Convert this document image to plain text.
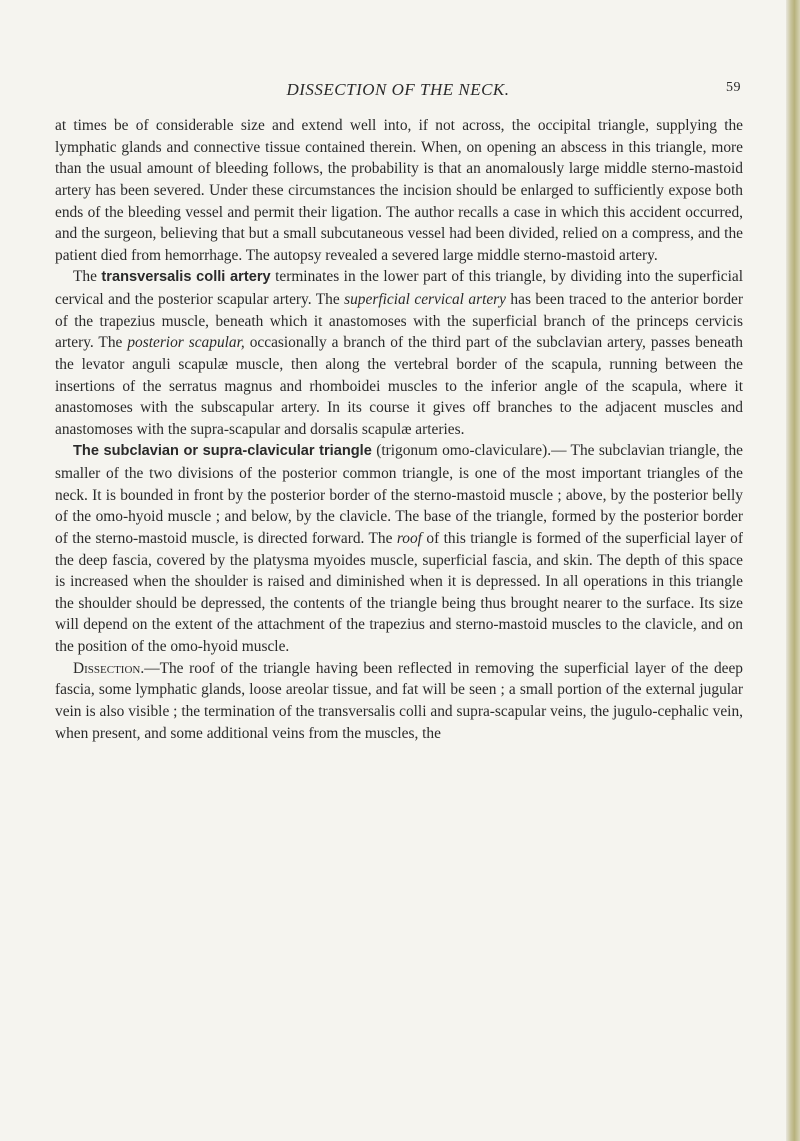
DISSECTION OF THE NECK.	59

at times be of considerable size and extend well into, if not across, the occipital triangle, supplying the lymphatic glands and connective tissue contained therein. When, on opening an abscess in this triangle, more than the usual amount of bleeding follows, the probability is that an anomalously large middle sterno-mastoid artery has been severed. Under these circumstances the incision should be enlarged to sufficiently expose both ends of the bleeding vessel and permit their ligation. The author recalls a case in which this accident occurred, and the surgeon, believing that but a small subcutaneous vessel had been divided, relied on a compress, and the patient died from hemorrhage. The autopsy revealed a severed large middle sterno-mastoid artery.

The transversalis colli artery terminates in the lower part of this triangle, by dividing into the superficial cervical and the posterior scapular artery. The superficial cervical artery has been traced to the anterior border of the trapezius muscle, beneath which it anastomoses with the superficial branch of the princeps cervicis artery. The posterior scapular, occasionally a branch of the third part of the subclavian artery, passes beneath the levator anguli scapulæ muscle, then along the vertebral border of the scapula, running between the insertions of the serratus magnus and rhomboidei muscles to the inferior angle of the scapula, where it anastomoses with the subscapular artery. In its course it gives off branches to the adjacent muscles and anastomoses with the supra-scapular and dorsalis scapulæ arteries.

The subclavian or supra-clavicular triangle (trigonum omo-claviculare).— The subclavian triangle, the smaller of the two divisions of the posterior common triangle, is one of the most important triangles of the neck. It is bounded in front by the posterior border of the sterno-mastoid muscle ; above, by the posterior belly of the omo-hyoid muscle ; and below, by the clavicle. The base of the triangle, formed by the posterior border of the sterno-mastoid muscle, is directed forward. The roof of this triangle is formed of the superficial layer of the deep fascia, covered by the platysma myoides muscle, superficial fascia, and skin. The depth of this space is increased when the shoulder is raised and diminished when it is depressed. In all operations in this triangle the shoulder should be depressed, the contents of the triangle being thus brought nearer to the surface. Its size will depend on the extent of the attachment of the trapezius and sterno-mastoid muscles to the clavicle, and on the position of the omo-hyoid muscle.

Dissection.—The roof of the triangle having been reflected in removing the superficial layer of the deep fascia, some lymphatic glands, loose areolar tissue, and fat will be seen ; a small portion of the external jugular vein is also visible ; the termination of the transversalis colli and supra-scapular veins, the jugulo-cephalic vein, when present, and some additional veins from the muscles, the
